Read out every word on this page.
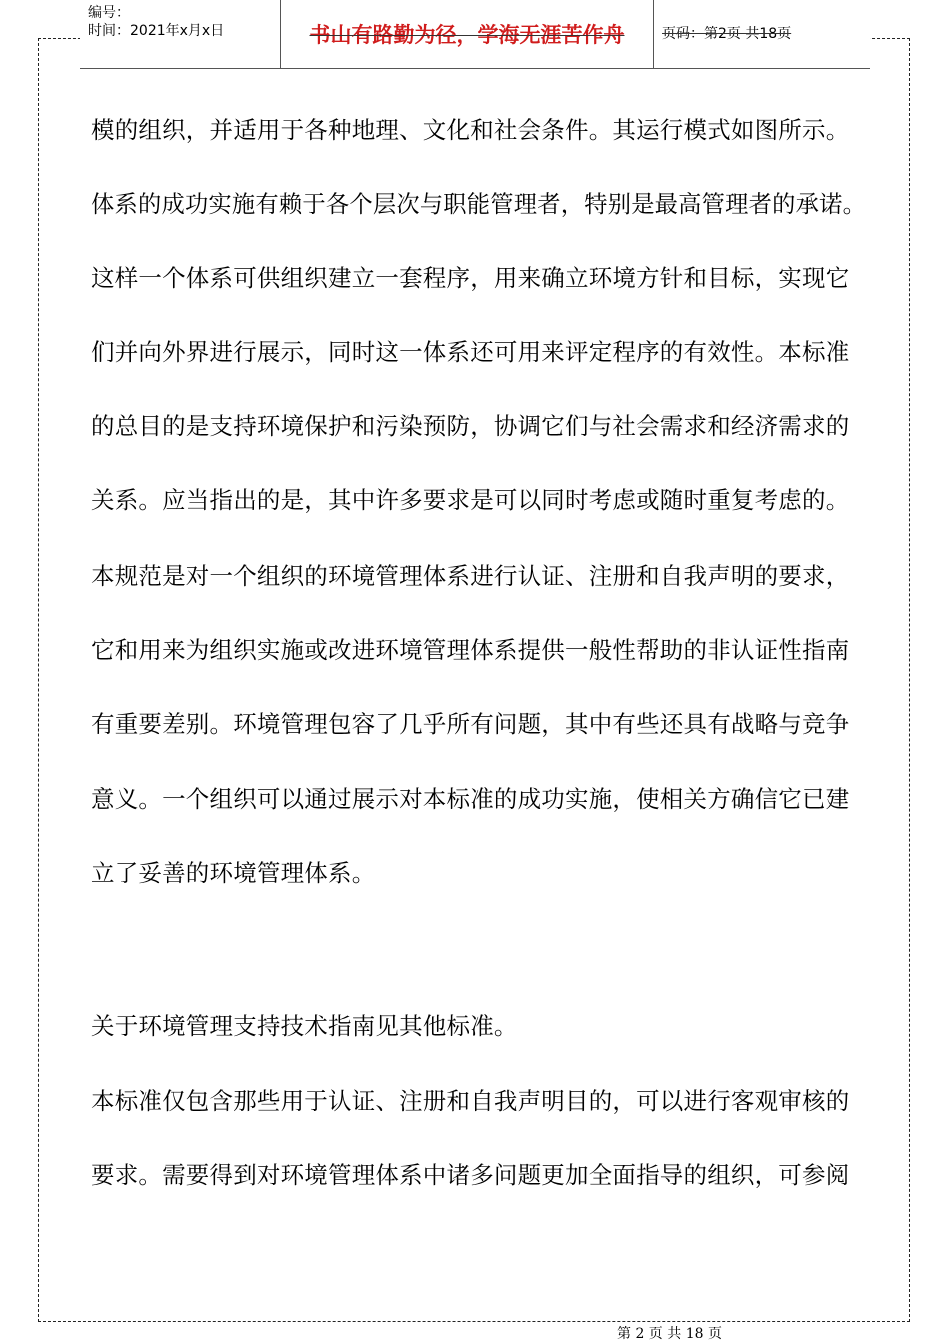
编号：
时间：2021年x月x日	书山有路勤为径，学海无涯苦作舟	页码：第2页 共18页
模的组织，并适用于各种地理、文化和社会条件。其运行模式如图所示。
体系的成功实施有赖于各个层次与职能管理者，特别是最高管理者的承诺。
这样一个体系可供组织建立一套程序，用来确立环境方针和目标，实现它
们并向外界进行展示，同时这一体系还可用来评定程序的有效性。本标准
的总目的是支持环境保护和污染预防，协调它们与社会需求和经济需求的
关系。应当指出的是，其中许多要求是可以同时考虑或随时重复考虑的。
本规范是对一个组织的环境管理体系进行认证、注册和自我声明的要求，
它和用来为组织实施或改进环境管理体系提供一般性帮助的非认证性指南
有重要差别。环境管理包容了几乎所有问题，其中有些还具有战略与竞争
意义。一个组织可以通过展示对本标准的成功实施，使相关方确信它已建
立了妥善的环境管理体系。
关于环境管理支持技术指南见其他标准。
本标准仅包含那些用于认证、注册和自我声明目的，可以进行客观审核的
要求。需要得到对环境管理体系中诸多问题更加全面指导的组织，可参阅
第 2 页 共 18 页
